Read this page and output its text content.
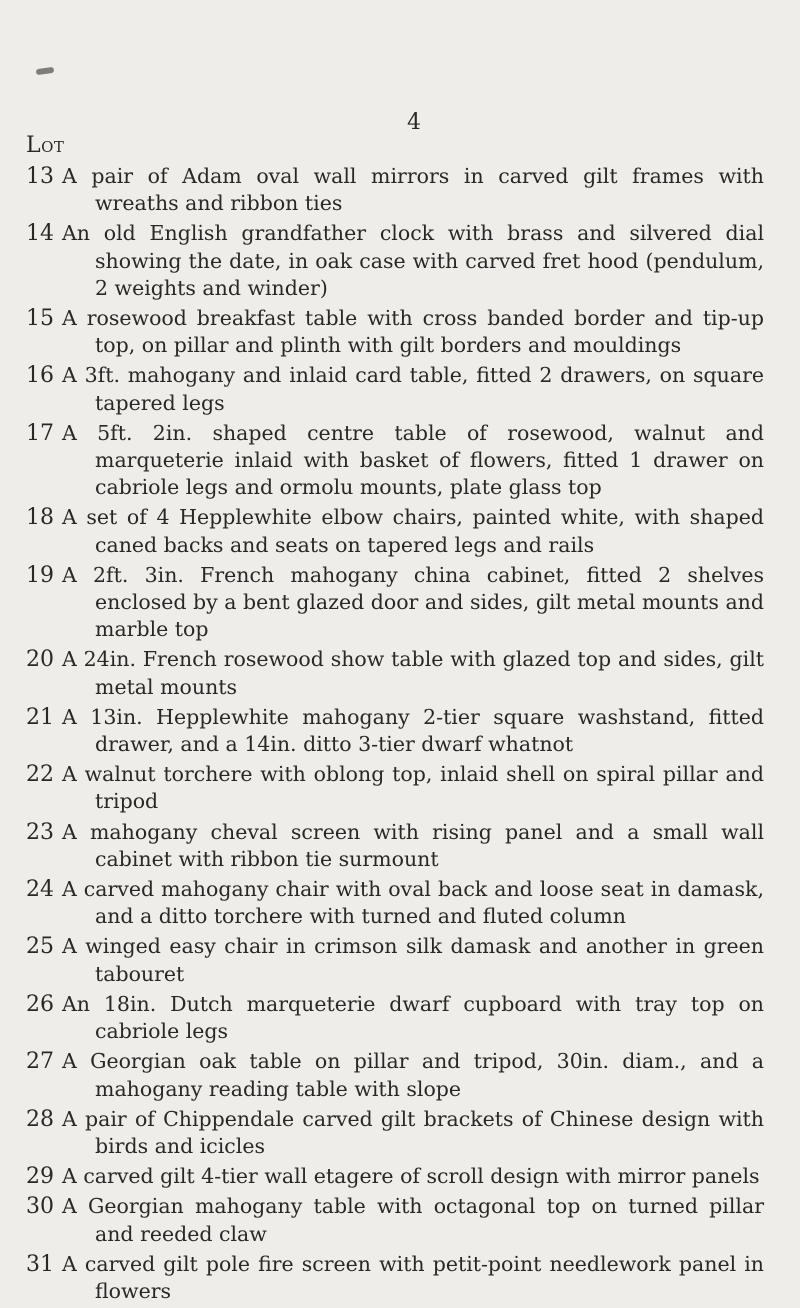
4
Lot
13 A pair of Adam oval wall mirrors in carved gilt frames with wreaths and ribbon ties
14 An old English grandfather clock with brass and silvered dial showing the date, in oak case with carved fret hood (pendulum, 2 weights and winder)
15 A rosewood breakfast table with cross banded border and tip-up top, on pillar and plinth with gilt borders and mouldings
16 A 3ft. mahogany and inlaid card table, fitted 2 drawers, on square tapered legs
17 A 5ft. 2in. shaped centre table of rosewood, walnut and marqueterie inlaid with basket of flowers, fitted 1 drawer on cabriole legs and ormolu mounts, plate glass top
18 A set of 4 Hepplewhite elbow chairs, painted white, with shaped caned backs and seats on tapered legs and rails
19 A 2ft. 3in. French mahogany china cabinet, fitted 2 shelves enclosed by a bent glazed door and sides, gilt metal mounts and marble top
20 A 24in. French rosewood show table with glazed top and sides, gilt metal mounts
21 A 13in. Hepplewhite mahogany 2-tier square washstand, fitted drawer, and a 14in. ditto 3-tier dwarf whatnot
22 A walnut torchere with oblong top, inlaid shell on spiral pillar and tripod
23 A mahogany cheval screen with rising panel and a small wall cabinet with ribbon tie surmount
24 A carved mahogany chair with oval back and loose seat in damask, and a ditto torchere with turned and fluted column
25 A winged easy chair in crimson silk damask and another in green tabouret
26 An 18in. Dutch marqueterie dwarf cupboard with tray top on cabriole legs
27 A Georgian oak table on pillar and tripod, 30in. diam., and a mahogany reading table with slope
28 A pair of Chippendale carved gilt brackets of Chinese design with birds and icicles
29 A carved gilt 4-tier wall etagere of scroll design with mirror panels
30 A Georgian mahogany table with octagonal top on turned pillar and reeded claw
31 A carved gilt pole fire screen with petit-point needlework panel in flowers
